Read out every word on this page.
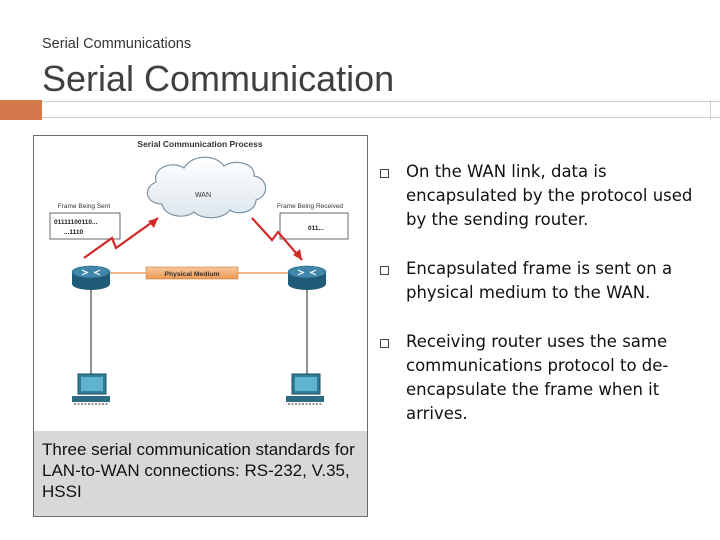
Serial Communications
Serial Communication
Serial Communication Process
WAN
Frame Being Sent
01111100110...
...1110
Frame Being Received
011...
Physical Medium
Three serial communication standards for LAN-to-WAN connections: RS-232, V.35, HSSI
On the WAN link, data is encapsulated by the protocol used by the sending router.
Encapsulated frame is sent on a physical medium to the WAN.
Receiving router uses the same communications protocol to de-encapsulate the frame when it arrives.
